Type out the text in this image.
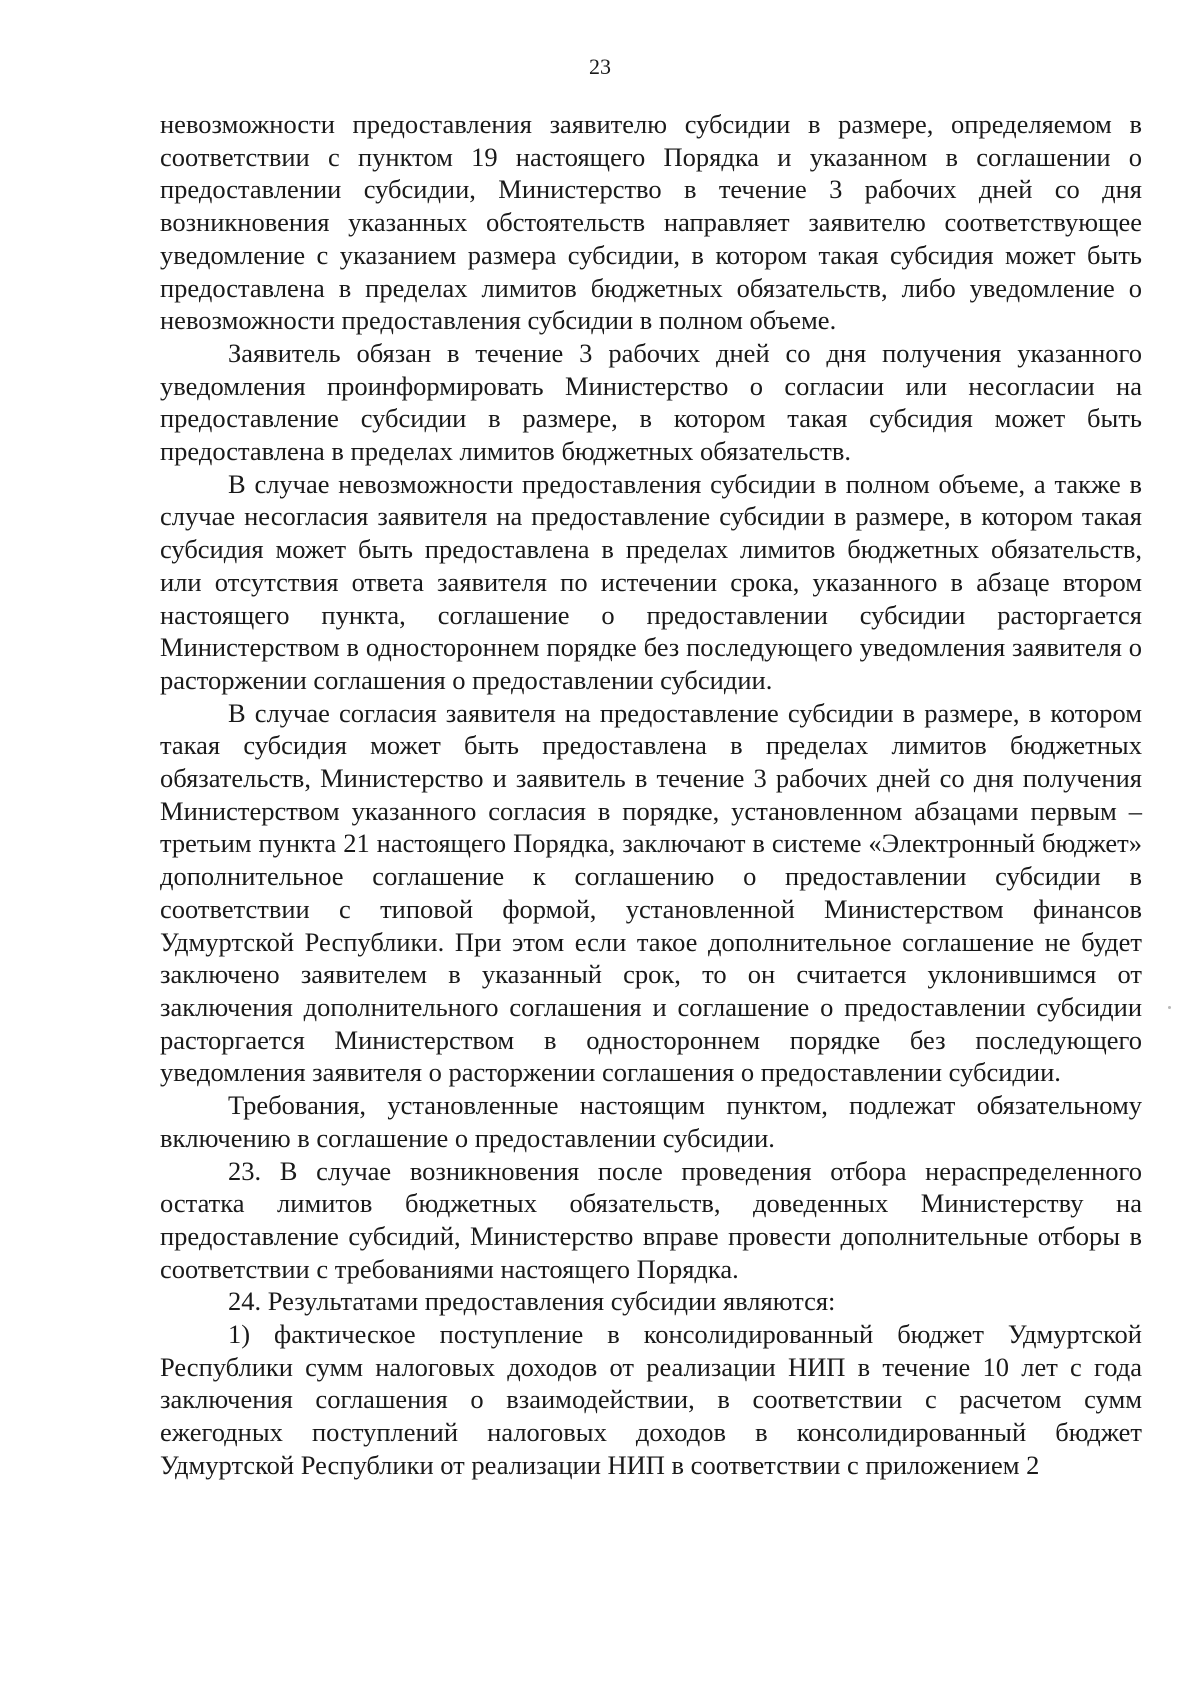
23

невозможности предоставления заявителю субсидии в размере, определяемом в соответствии с пунктом 19 настоящего Порядка и указанном в соглашении о предоставлении субсидии, Министерство в течение 3 рабочих дней со дня возникновения указанных обстоятельств направляет заявителю соответствующее уведомление с указанием размера субсидии, в котором такая субсидия может быть предоставлена в пределах лимитов бюджетных обязательств, либо уведомление о невозможности предоставления субсидии в полном объеме.

Заявитель обязан в течение 3 рабочих дней со дня получения указанного уведомления проинформировать Министерство о согласии или несогласии на предоставление субсидии в размере, в котором такая субсидия может быть предоставлена в пределах лимитов бюджетных обязательств.

В случае невозможности предоставления субсидии в полном объеме, а также в случае несогласия заявителя на предоставление субсидии в размере, в котором такая субсидия может быть предоставлена в пределах лимитов бюджетных обязательств, или отсутствия ответа заявителя по истечении срока, указанного в абзаце втором настоящего пункта, соглашение о предоставлении субсидии расторгается Министерством в одностороннем порядке без последующего уведомления заявителя о расторжении соглашения о предоставлении субсидии.

В случае согласия заявителя на предоставление субсидии в размере, в котором такая субсидия может быть предоставлена в пределах лимитов бюджетных обязательств, Министерство и заявитель в течение 3 рабочих дней со дня получения Министерством указанного согласия в порядке, установленном абзацами первым – третьим пункта 21 настоящего Порядка, заключают в системе «Электронный бюджет» дополнительное соглашение к соглашению о предоставлении субсидии в соответствии с типовой формой, установленной Министерством финансов Удмуртской Республики. При этом если такое дополнительное соглашение не будет заключено заявителем в указанный срок, то он считается уклонившимся от заключения дополнительного соглашения и соглашение о предоставлении субсидии расторгается Министерством в одностороннем порядке без последующего уведомления заявителя о расторжении соглашения о предоставлении субсидии.

Требования, установленные настоящим пунктом, подлежат обязательному включению в соглашение о предоставлении субсидии.

23. В случае возникновения после проведения отбора нераспределенного остатка лимитов бюджетных обязательств, доведенных Министерству на предоставление субсидий, Министерство вправе провести дополнительные отборы в соответствии с требованиями настоящего Порядка.

24. Результатами предоставления субсидии являются:

1) фактическое поступление в консолидированный бюджет Удмуртской Республики сумм налоговых доходов от реализации НИП в течение 10 лет с года заключения соглашения о взаимодействии, в соответствии с расчетом сумм ежегодных поступлений налоговых доходов в консолидированный бюджет Удмуртской Республики от реализации НИП в соответствии с приложением 2
